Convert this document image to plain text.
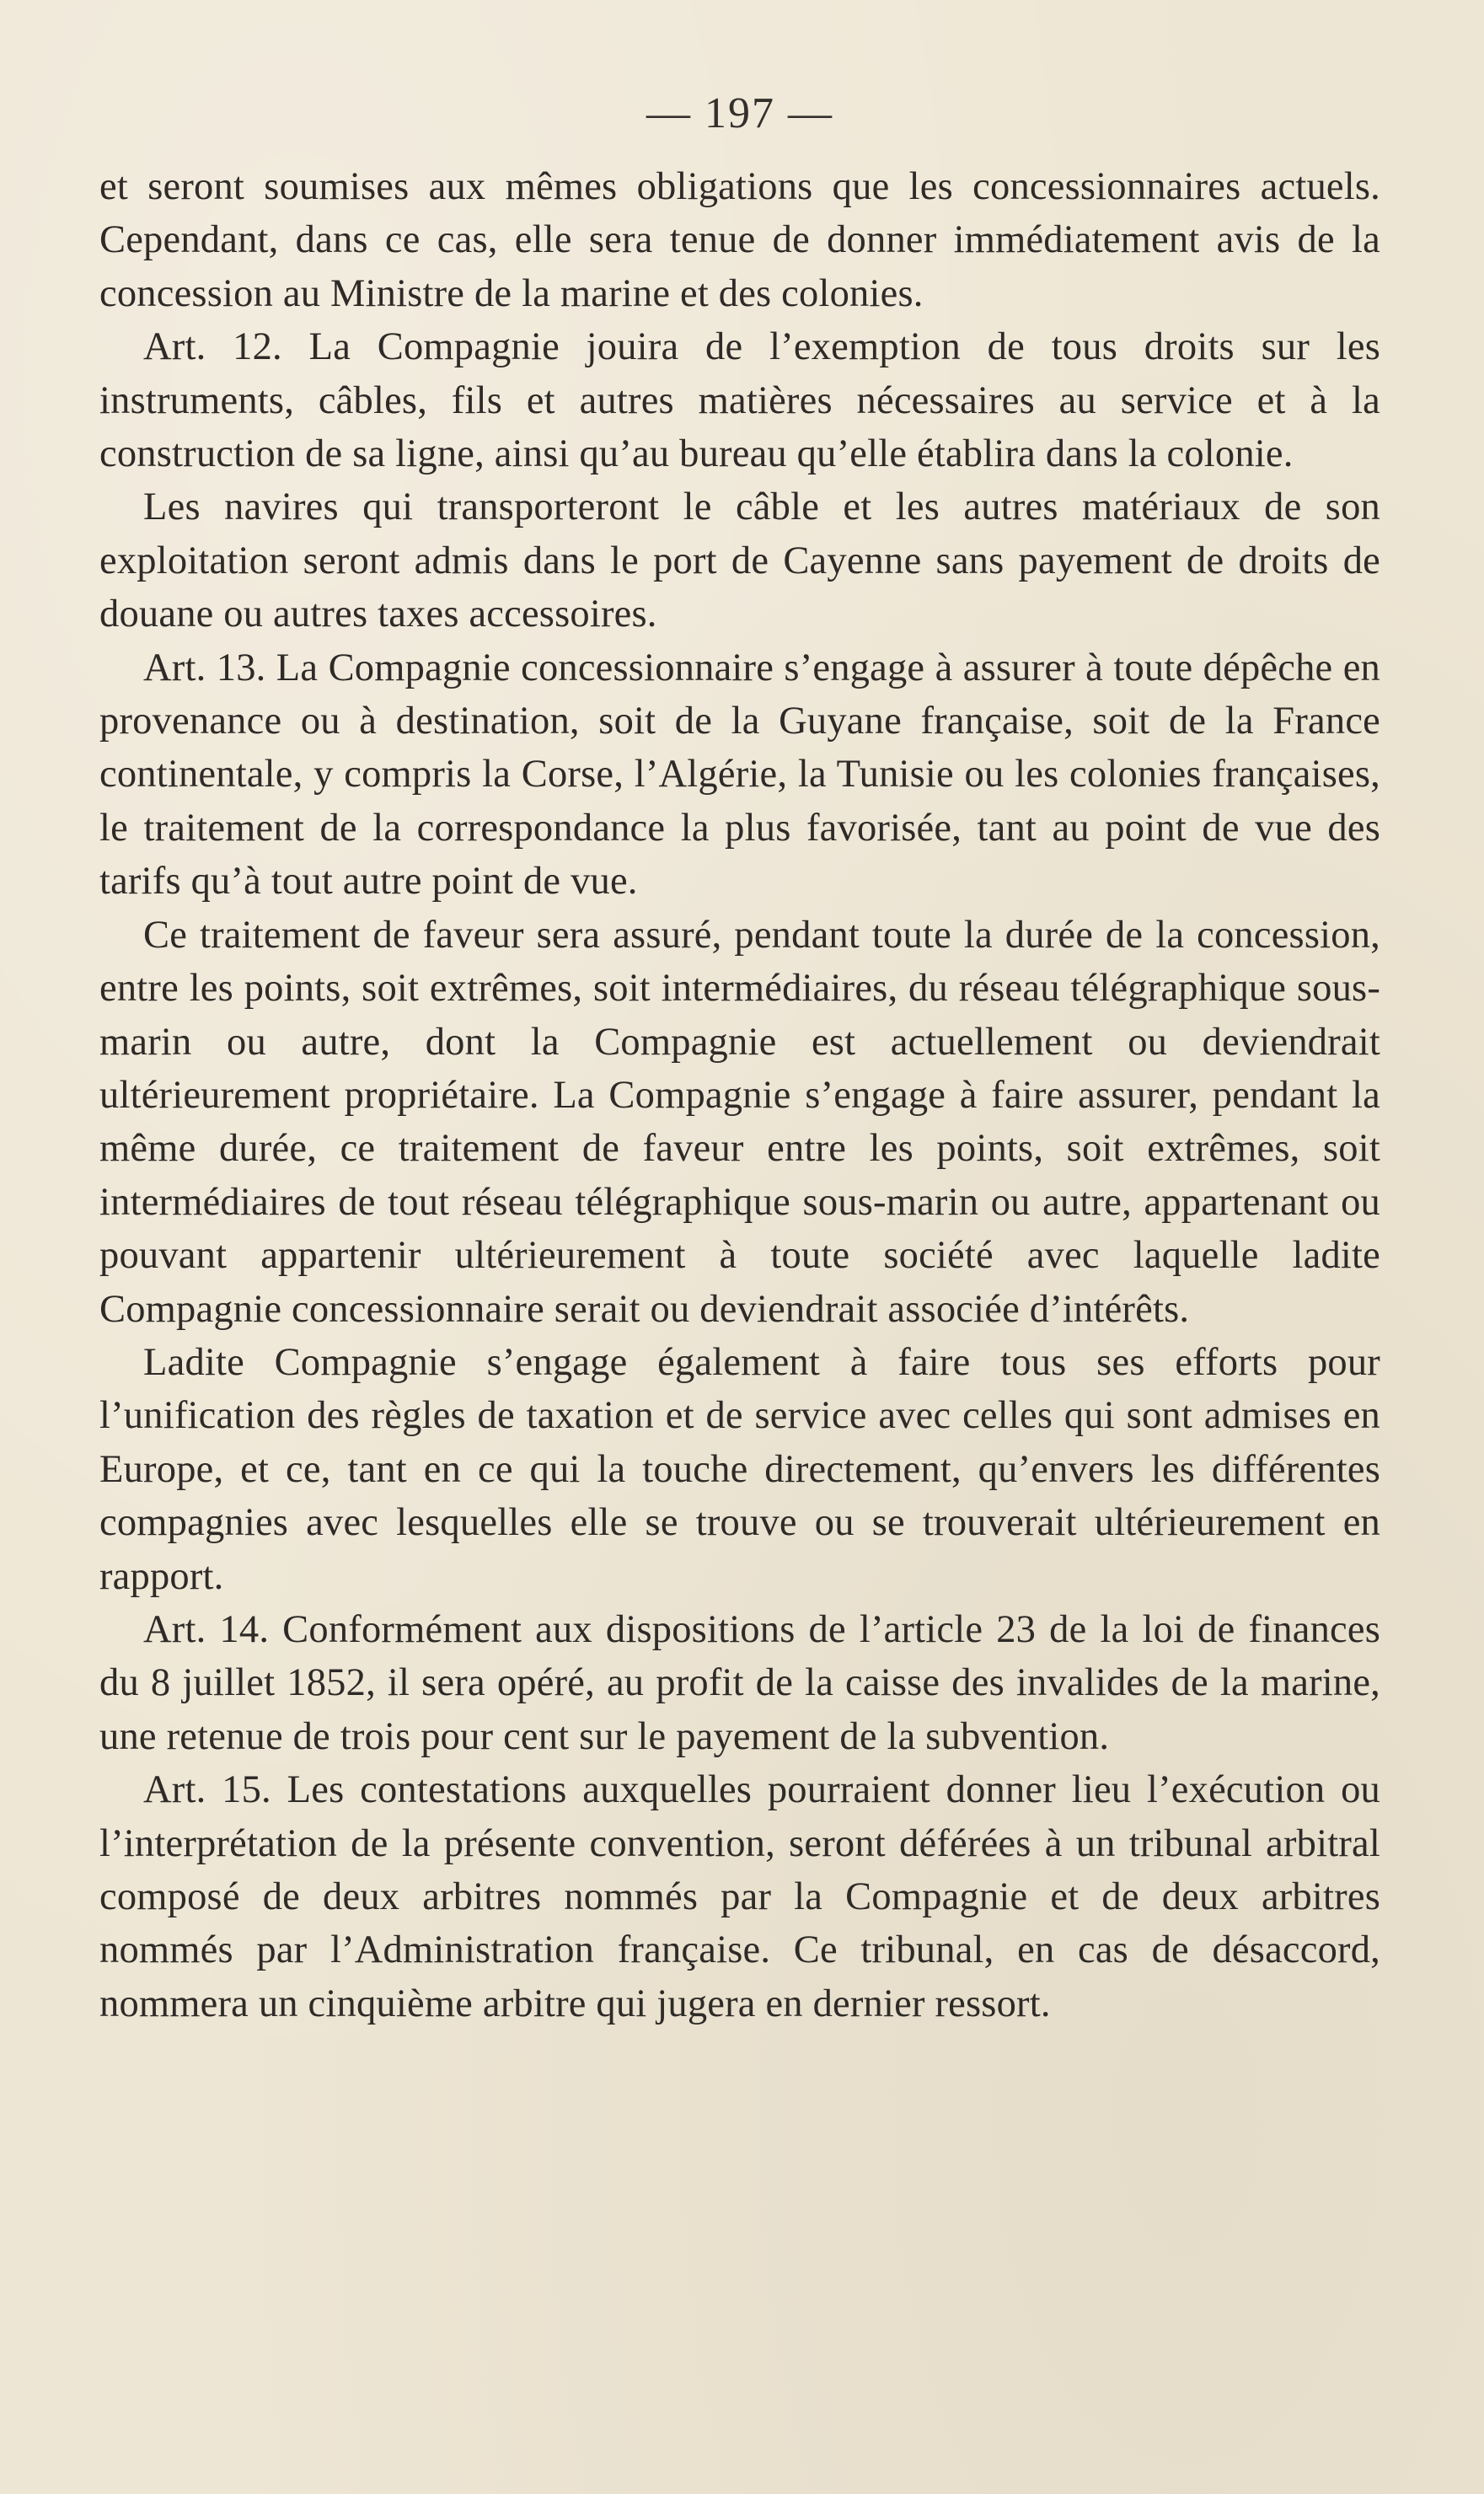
— 197 —

et seront soumises aux mêmes obligations que les concessionnaires actuels. Cependant, dans ce cas, elle sera tenue de donner immédiatement avis de la concession au Ministre de la marine et des colonies.

Art. 12. La Compagnie jouira de l’exemption de tous droits sur les instruments, câbles, fils et autres matières nécessaires au service et à la construction de sa ligne, ainsi qu’au bureau qu’elle établira dans la colonie.

Les navires qui transporteront le câble et les autres matériaux de son exploitation seront admis dans le port de Cayenne sans payement de droits de douane ou autres taxes accessoires.

Art. 13. La Compagnie concessionnaire s’engage à assurer à toute dépêche en provenance ou à destination, soit de la Guyane française, soit de la France continentale, y compris la Corse, l’Algérie, la Tunisie ou les colonies françaises, le traitement de la correspondance la plus favorisée, tant au point de vue des tarifs qu’à tout autre point de vue.

Ce traitement de faveur sera assuré, pendant toute la durée de la concession, entre les points, soit extrêmes, soit intermédiaires, du réseau télégraphique sous-marin ou autre, dont la Compagnie est actuellement ou deviendrait ultérieurement propriétaire. La Compagnie s’engage à faire assurer, pendant la même durée, ce traitement de faveur entre les points, soit extrêmes, soit intermédiaires de tout réseau télégraphique sous-marin ou autre, appartenant ou pouvant appartenir ultérieurement à toute société avec laquelle ladite Compagnie concessionnaire serait ou deviendrait associée d’intérêts.

Ladite Compagnie s’engage également à faire tous ses efforts pour l’unification des règles de taxation et de service avec celles qui sont admises en Europe, et ce, tant en ce qui la touche directement, qu’envers les différentes compagnies avec lesquelles elle se trouve ou se trouverait ultérieurement en rapport.

Art. 14. Conformément aux dispositions de l’article 23 de la loi de finances du 8 juillet 1852, il sera opéré, au profit de la caisse des invalides de la marine, une retenue de trois pour cent sur le payement de la subvention.

Art. 15. Les contestations auxquelles pourraient donner lieu l’exécution ou l’interprétation de la présente convention, seront déférées à un tribunal arbitral composé de deux arbitres nommés par la Compagnie et de deux arbitres nommés par l’Administration française. Ce tribunal, en cas de désaccord, nommera un cinquième arbitre qui jugera en dernier ressort.
